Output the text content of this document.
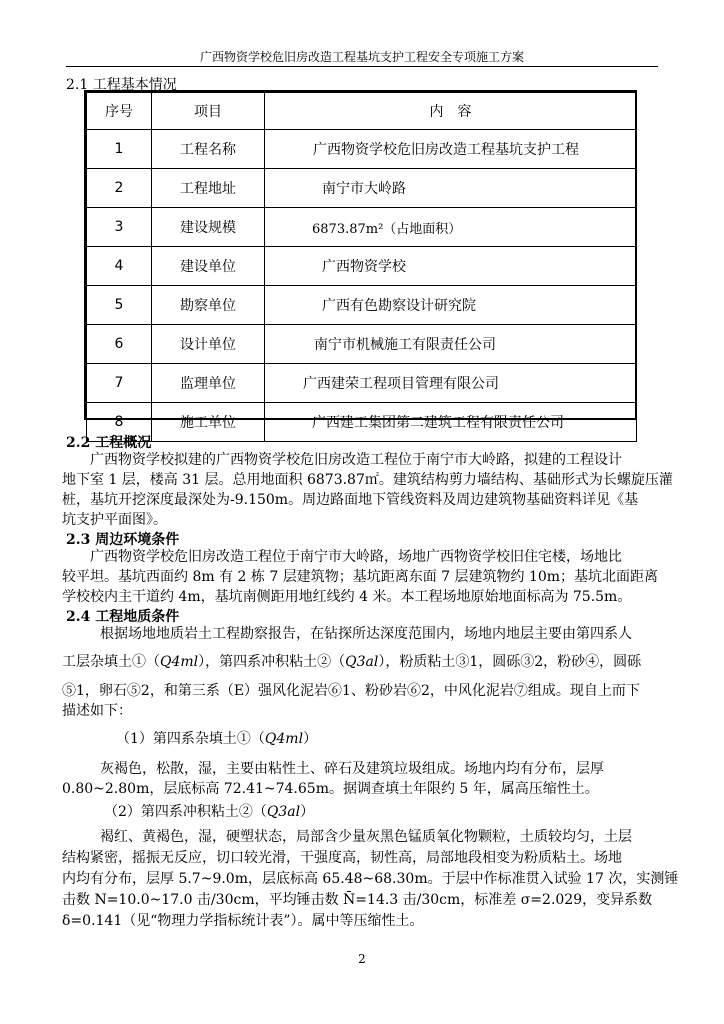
广西物资学校危旧房改造工程基坑支护工程安全专项施工方案
2.1 工程基本情况
序号	项目	内　容
1	工程名称	广西物资学校危旧房改造工程基坑支护工程
2	工程地址	南宁市大岭路
3	建设规模	6873.87m²（占地面积）
4	建设单位	广西物资学校
5	勘察单位	广西有色勘察设计研究院
6	设计单位	南宁市机械施工有限责任公司
7	监理单位	广西建荣工程项目管理有限公司
8	施工单位	广西建工集团第二建筑工程有限责任公司
2.2 工程概况
广西物资学校拟建的广西物资学校危旧房改造工程位于南宁市大岭路，拟建的工程设计
地下室 1 层，楼高 31 层。总用地面积 6873.87㎡。建筑结构剪力墙结构、基础形式为长螺旋压灌
桩，基坑开挖深度最深处为-9.150m。周边路面地下管线资料及周边建筑物基础资料详见《基
坑支护平面图》。
2.3 周边环境条件
广西物资学校危旧房改造工程位于南宁市大岭路，场地广西物资学校旧住宅楼，场地比
较平坦。基坑西面约 8m 有 2 栋 7 层建筑物；基坑距离东面 7 层建筑物约 10m；基坑北面距离
学校校内主干道约 4m，基坑南侧距用地红线约 4 米。本工程场地原始地面标高为 75.5m。
2.4 工程地质条件
根据场地地质岩土工程勘察报告，在钻探所达深度范围内，场地内地层主要由第四系人
工层杂填土①（Q4ml），第四系冲积粘土②（Q3al），粉质粘土③1，圆砾③2，粉砂④，圆砾
⑤1，卵石⑤2，和第三系（E）强风化泥岩⑥1、粉砂岩⑥2，中风化泥岩⑦组成。现自上而下
描述如下：
（1）第四系杂填土①（Q4ml）
灰褐色，松散，湿，主要由粘性土、碎石及建筑垃圾组成。场地内均有分布，层厚
0.80~2.80m，层底标高 72.41~74.65m。据调查填土年限约 5 年，属高压缩性土。
（2）第四系冲积粘土②（Q3al）
褐红、黄褐色，湿，硬塑状态，局部含少量灰黑色锰质氧化物颗粒，土质较均匀，土层
结构紧密，摇振无反应，切口较光滑，干强度高，韧性高，局部地段相变为粉质粘土。场地
内均有分布，层厚 5.7~9.0m，层底标高 65.48~68.30m。于层中作标准贯入试验 17 次，实测锤
击数 N=10.0~17.0 击/30cm，平均锤击数 N̄=14.3 击/30cm，标准差 σ=2.029，变异系数
δ=0.141（见“物理力学指标统计表”）。属中等压缩性土。
2
